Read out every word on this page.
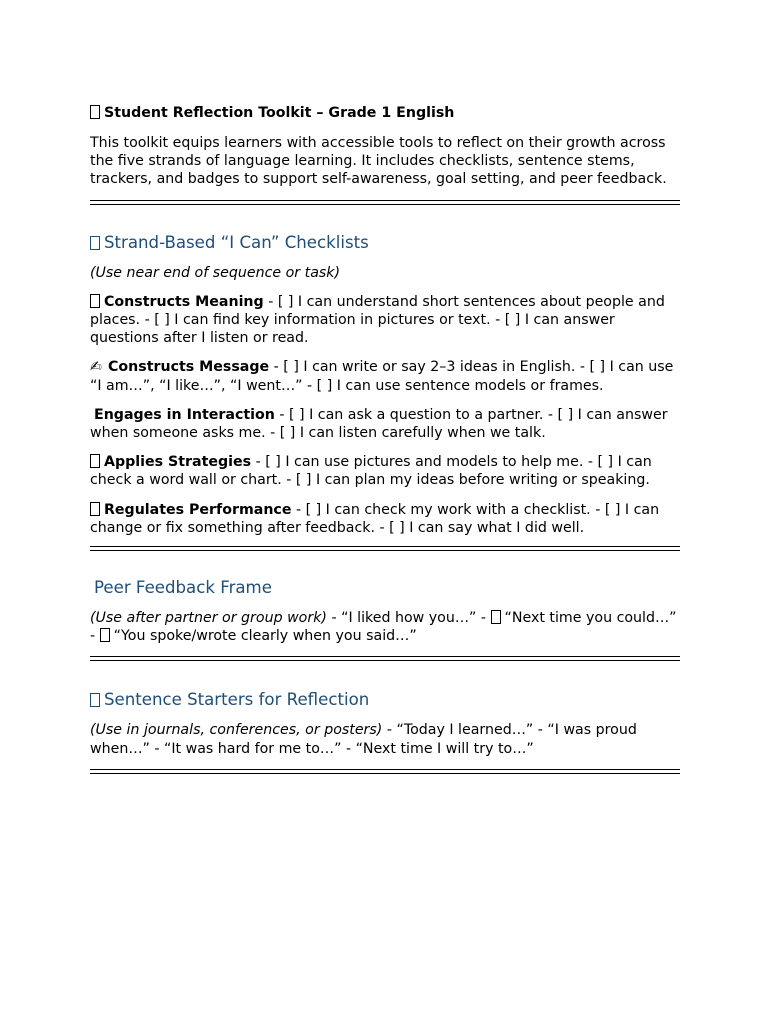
Student Reflection Toolkit – Grade 1 English

This toolkit equips learners with accessible tools to reflect on their growth across the five strands of language learning. It includes checklists, sentence stems, trackers, and badges to support self-awareness, goal setting, and peer feedback.

Strand-Based “I Can” Checklists

(Use near end of sequence or task)

Constructs Meaning - [ ] I can understand short sentences about people and places. - [ ] I can find key information in pictures or text. - [ ] I can answer questions after I listen or read.

✍ Constructs Message - [ ] I can write or say 2–3 ideas in English. - [ ] I can use “I am…”, “I like…”, “I went…” - [ ] I can use sentence models or frames.

Engages in Interaction - [ ] I can ask a question to a partner. - [ ] I can answer when someone asks me. - [ ] I can listen carefully when we talk.

Applies Strategies - [ ] I can use pictures and models to help me. - [ ] I can check a word wall or chart. - [ ] I can plan my ideas before writing or speaking.

Regulates Performance - [ ] I can check my work with a checklist. - [ ] I can change or fix something after feedback. - [ ] I can say what I did well.

Peer Feedback Frame

(Use after partner or group work) - “I liked how you…” - “Next time you could…” - “You spoke/wrote clearly when you said…”

Sentence Starters for Reflection

(Use in journals, conferences, or posters) - “Today I learned…” - “I was proud when…” - “It was hard for me to…” - “Next time I will try to…”
